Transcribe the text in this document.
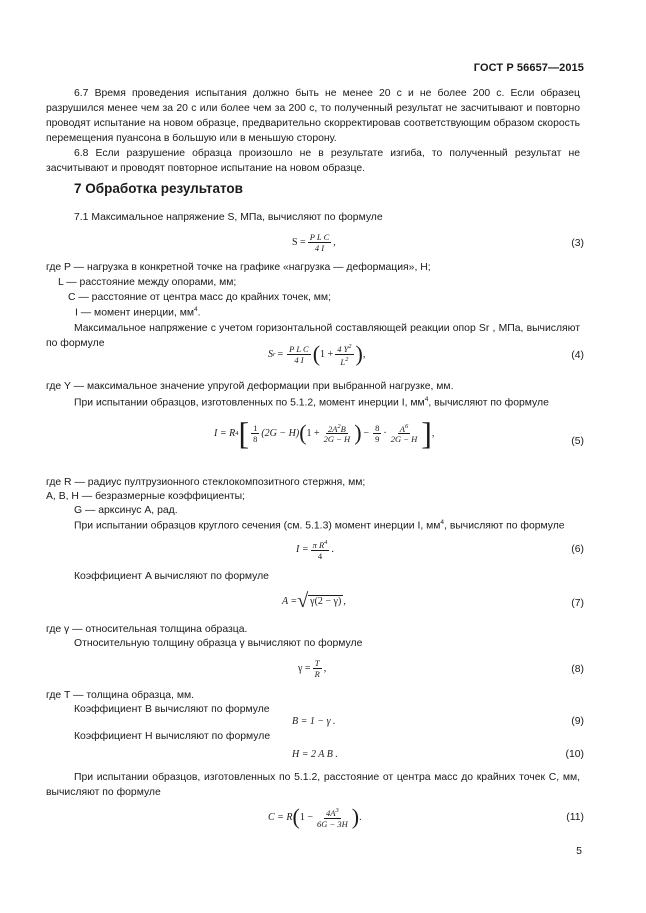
ГОСТ Р 56657—2015
6.7 Время проведения испытания должно быть не менее 20 с и не более 200 с. Если образец разрушился менее чем за 20 с или более чем за 200 с, то полученный результат не засчитывают и повторно проводят испытание на новом образце, предварительно скорректировав соответствующим образом скорость перемещения пуансона в большую или в меньшую сторону.
6.8 Если разрушение образца произошло не в результате изгиба, то полученный результат не засчитывают и проводят повторное испытание на новом образце.
7 Обработка результатов
7.1 Максимальное напряжение S, МПа, вычисляют по формуле
$S = \frac{\text{P L C}}{4 I}$ ,	(3)
где P — нагрузка в конкретной точке на графике «нагрузка — деформация», Н;
L — расстояние между опорами, мм;
C — расстояние от центра масс до крайних точек, мм;
I — момент инерции, $мм^4$.
Максимальное напряжение с учетом горизонтальной составляющей реакции опор Sr , МПа, вычисляют по формуле
S $r = \frac{\text{P L C}}{4 I}$ ( $1 + \frac{4 Y^2}{L^2}$ ) ,	(4)
где Y — максимальное значение упругой деформации при выбранной нагрузке, мм.
При испытании образцов, изготовленных по 5.1.2, момент инерции I, $мм^4$, вычисляют по формуле
I = R 4 [ $\frac{1}{8} (2G - H)$ ( $1 + \frac{2A^2B}{2G - H}$ ) − $\frac{8}{9} \cdot \frac{A^6}{2G - H}$ ] ,
(5)
где R — радиус пултрузионного стеклокомпозитного стержня, мм;
A, B, H — безразмерные коэффициенты;
G — арксинус A, рад.
При испытании образцов круглого сечения (см. 5.1.3) момент инерции I, $мм^4$, вычисляют по формуле
$I = \frac{\pi R^4}{4}$ .	(6)
Коэффициент A вычисляют по формуле
A = √ γ(2 − γ) ,	(7)
где γ — относительная толщина образца.
Относительную толщину образца γ вычисляют по формуле
$\gamma = \frac{T}{R}$ ,	(8)
где T — толщина образца, мм.
Коэффициент B вычисляют по формуле
B = 1 − γ .	(9)
Коэффициент H вычисляют по формуле
H = 2 A B .	(10)
При испытании образцов, изготовленных по 5.1.2, расстояние от центра масс до крайних точек C, мм, вычисляют по формуле
C = R ( $1 - \frac{4A^3}{6G - 3H}$ ) .	(11)
5
